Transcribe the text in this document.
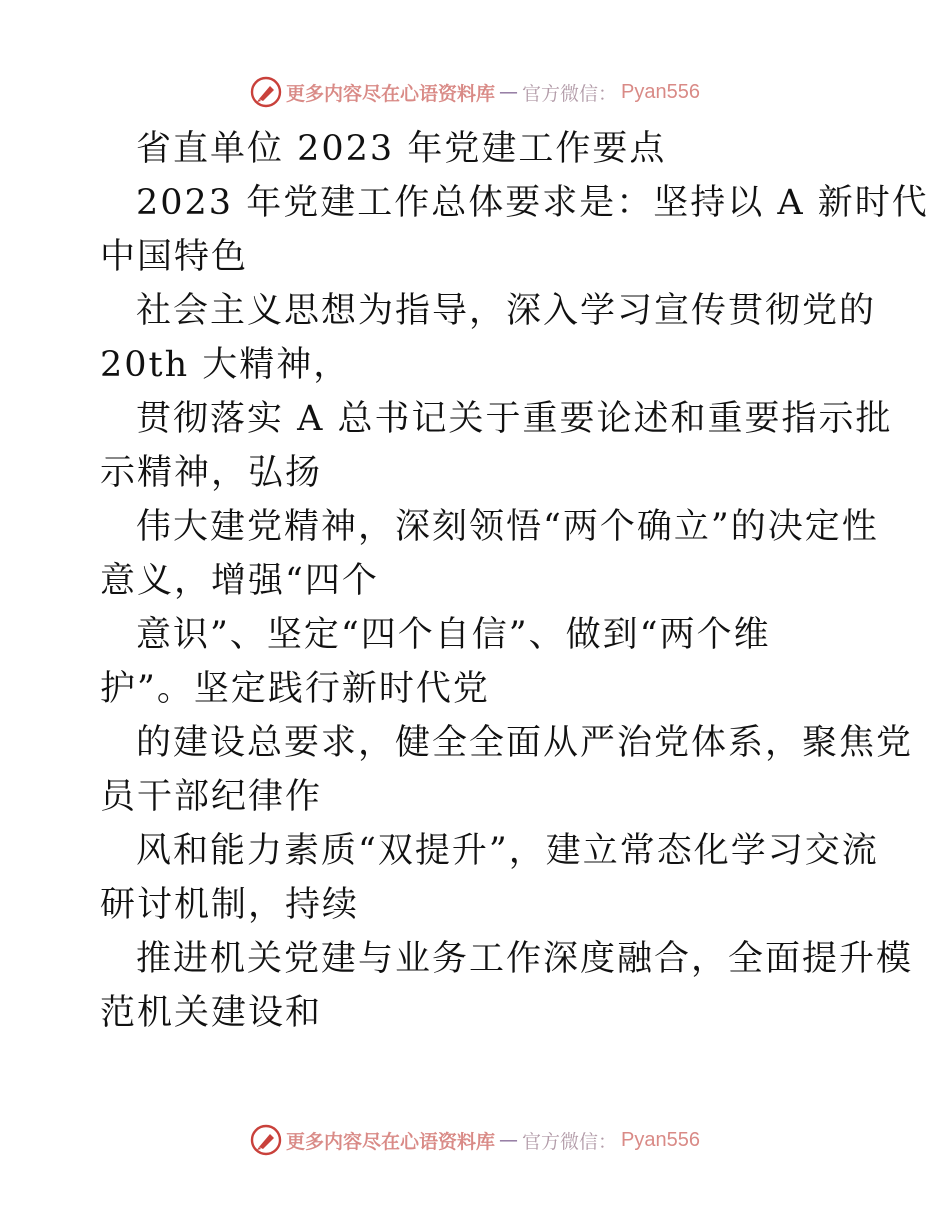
更多内容尽在心语资料库 — 官方微信： Pyan556
省直单位 2023 年党建工作要点
2023 年党建工作总体要求是：坚持以 A 新时代
中国特色
社会主义思想为指导，深入学习宣传贯彻党的
20th 大精神，
贯彻落实 A 总书记关于重要论述和重要指示批
示精神，弘扬
伟大建党精神，深刻领悟“两个确立”的决定性
意义，增强“四个
意识”、坚定“四个自信”、做到“两个维
护”。坚定践行新时代党
的建设总要求，健全全面从严治党体系，聚焦党
员干部纪律作
风和能力素质“双提升”，建立常态化学习交流
研讨机制，持续
推进机关党建与业务工作深度融合，全面提升模
范机关建设和
更多内容尽在心语资料库 — 官方微信： Pyan556
